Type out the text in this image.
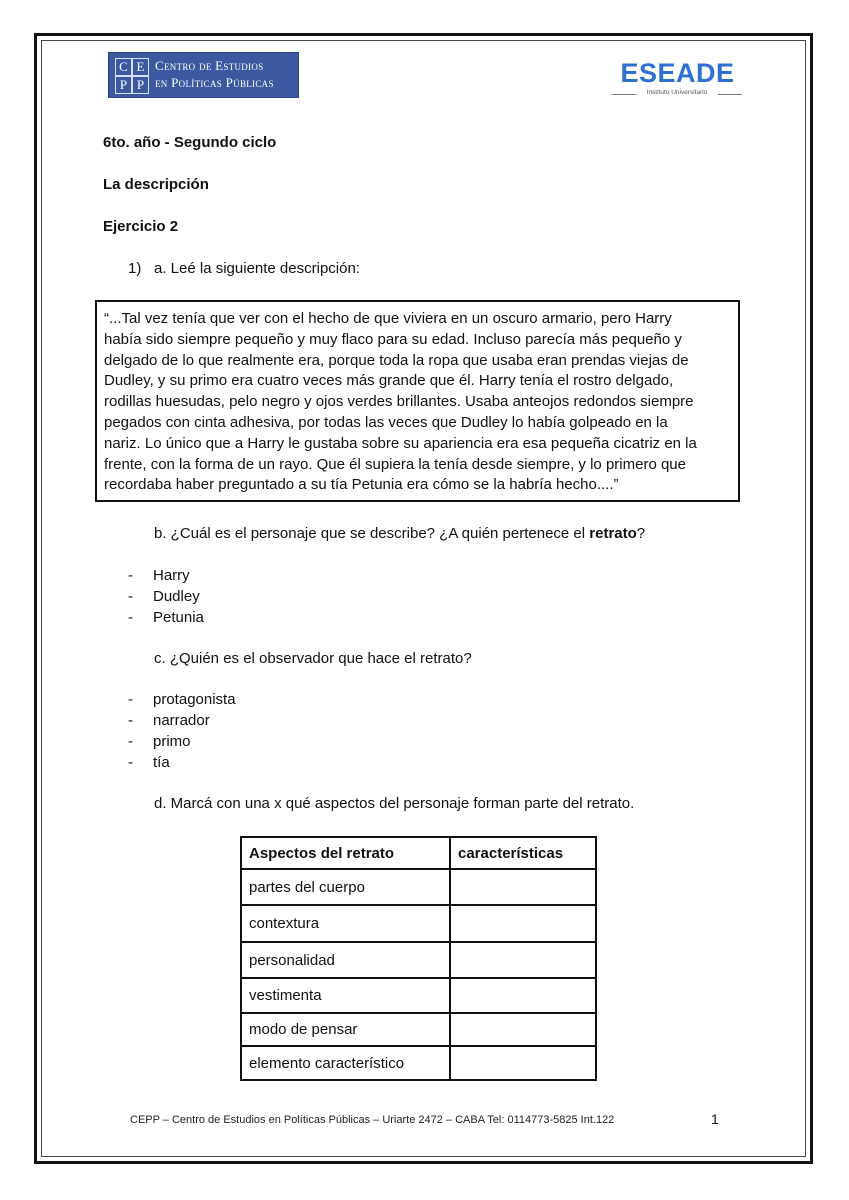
C E
P P
Centro de Estudios
en Políticas Públicas	ESEADE
Instituto Universitario
6to. año - Segundo ciclo
La descripción
Ejercicio 2
1) a. Leé la siguiente descripción:

“...Tal vez tenía que ver con el hecho de que viviera en un oscuro armario, pero Harry

había sido siempre pequeño y muy flaco para su edad. Incluso parecía más pequeño y

delgado de lo que realmente era, porque toda la ropa que usaba eran prendas viejas de

Dudley, y su primo era cuatro veces más grande que él. Harry tenía el rostro delgado,

rodillas huesudas, pelo negro y ojos verdes brillantes. Usaba anteojos redondos siempre

pegados con cinta adhesiva, por todas las veces que Dudley lo había golpeado en la

nariz. Lo único que a Harry le gustaba sobre su apariencia era esa pequeña cicatriz en la

frente, con la forma de un rayo. Que él supiera la tenía desde siempre, y lo primero que

recordaba haber preguntado a su tía Petunia era cómo se la habría hecho....”

b. ¿Cuál es el personaje que se describe? ¿A quién pertenece el retrato?
- Harry
- Dudley
- Petunia
c. ¿Quién es el observador que hace el retrato?
- protagonista
- narrador
- primo
- tía
d. Marcá con una x qué aspectos del personaje forman parte del retrato.
Aspectos del retrato	características
partes del cuerpo	
contextura	
personalidad	
vestimenta	
modo de pensar	
elemento característico	
CEPP – Centro de Estudios en Políticas Públicas – Uriarte 2472 – CABA Tel: 0114773-5825 Int.122	1
